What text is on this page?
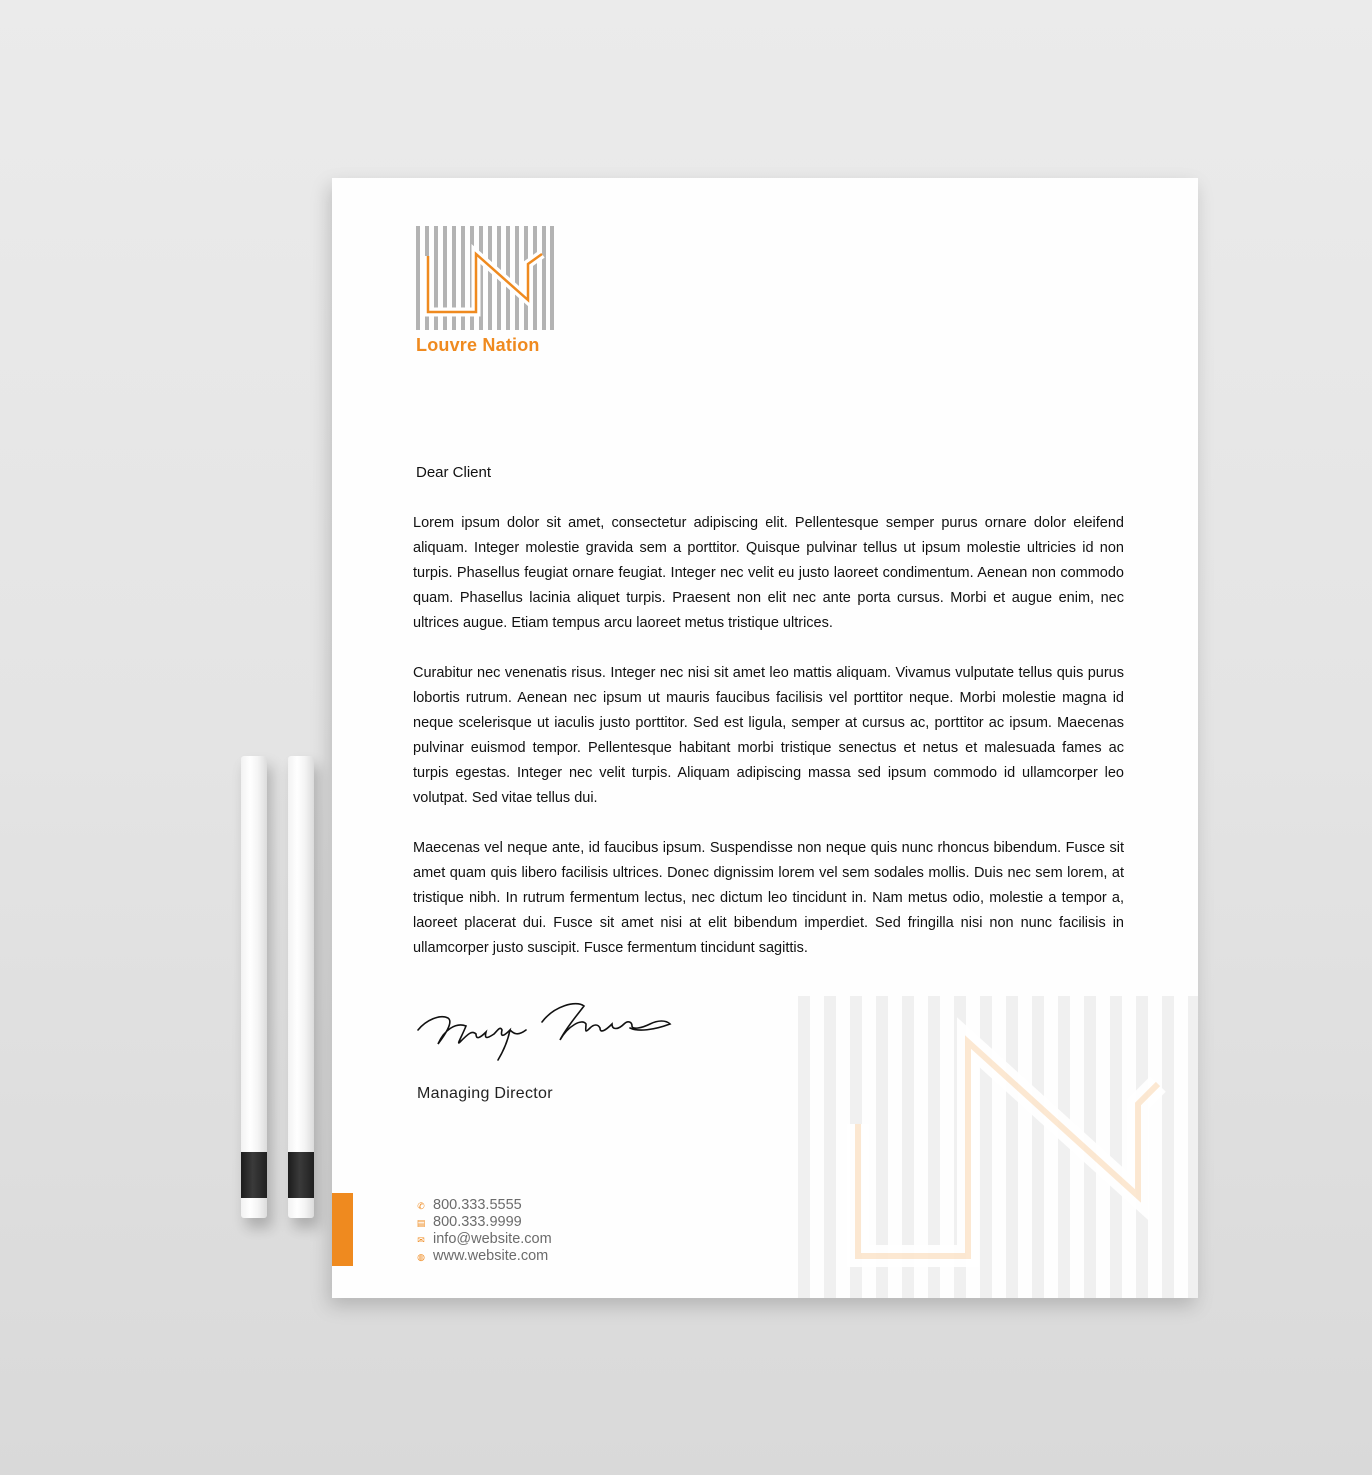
Louvre Nation
Dear Client

Lorem ipsum dolor sit amet, consectetur adipiscing elit. Pellentesque semper purus ornare dolor eleifend aliquam. Integer molestie gravida sem a porttitor. Quisque pulvinar tellus ut ipsum molestie ultricies id non turpis. Phasellus feugiat ornare feugiat. Integer nec velit eu justo laoreet condimentum. Aenean non commodo quam. Phasellus lacinia aliquet turpis. Praesent non elit nec ante porta cursus. Morbi et augue enim, nec ultrices augue. Etiam tempus arcu laoreet metus tristique ultrices.

Curabitur nec venenatis risus. Integer nec nisi sit amet leo mattis aliquam. Vivamus vulputate tellus quis purus lobortis rutrum. Aenean nec ipsum ut mauris faucibus facilisis vel porttitor neque. Morbi molestie magna id neque scelerisque ut iaculis justo porttitor. Sed est ligula, semper at cursus ac, porttitor ac ipsum. Maecenas pulvinar euismod tempor. Pellentesque habitant morbi tristique senectus et netus et malesuada fames ac turpis egestas. Integer nec velit turpis. Aliquam adipiscing massa sed ipsum commodo id ullamcorper leo volutpat. Sed vitae tellus dui.

Maecenas vel neque ante, id faucibus ipsum. Suspendisse non neque quis nunc rhoncus bibendum. Fusce sit amet quam quis libero facilisis ultrices. Donec dignissim lorem vel sem sodales mollis. Duis nec sem lorem, at tristique nibh. In rutrum fermentum lectus, nec dictum leo tincidunt in. Nam metus odio, molestie a tempor a, laoreet placerat dui. Fusce sit amet nisi at elit bibendum imperdiet. Sed fringilla nisi non nunc facilisis in ullamcorper justo suscipit. Fusce fermentum tincidunt sagittis.

Managing Director
✆ 800.333.5555
▤ 800.333.9999
✉ info@website.com
◍ www.website.com
